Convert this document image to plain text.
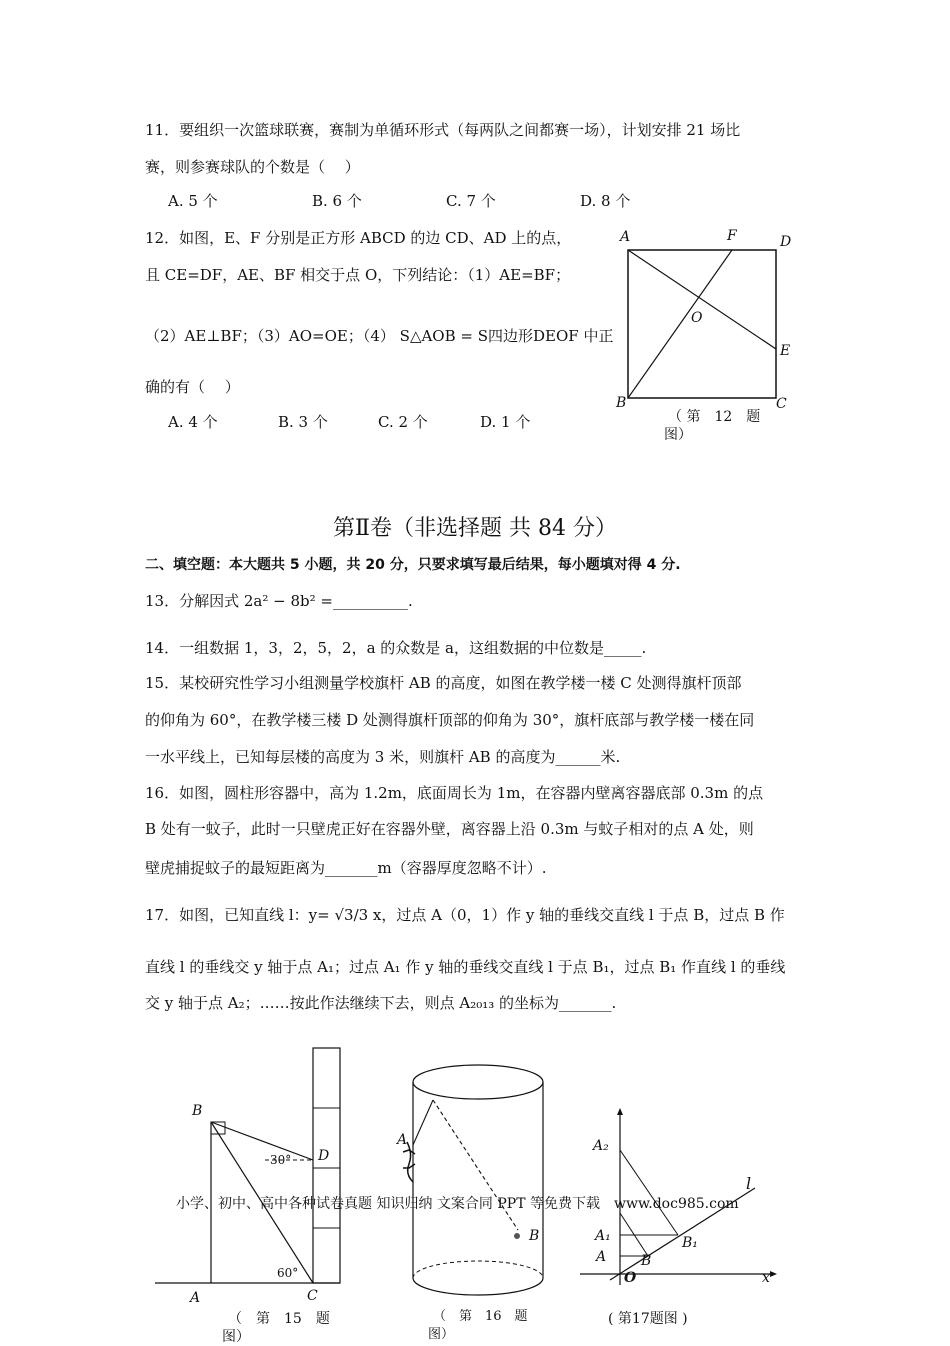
11．要组织一次篮球联赛，赛制为单循环形式（每两队之间都赛一场），计划安排 21 场比
赛，则参赛球队的个数是（　 ）
A. 5 个	B. 6 个	C. 7 个	D. 8 个
12．如图，E、F 分别是正方形 ABCD 的边 CD、AD 上的点，
且 CE=DF，AE、BF 相交于点 O，下列结论：（1）AE=BF；
（2）AE⊥BF；（3）AO=OE；（4） S△AOB = S四边形DEOF 中正
确的有（　 ）
A. 4 个	B. 3 个	C. 2 个	D. 1 个
A	F	D
O
E
B	C
（ 第　12　题
图）
第Ⅱ卷（非选择题 共 84 分）
二、填空题：本大题共 5 小题，共 20 分，只要求填写最后结果，每小题填对得 4 分.
13．分解因式 2a² − 8b² =__________.
14．一组数据 1，3，2，5，2，a 的众数是 a，这组数据的中位数是_____.
15．某校研究性学习小组测量学校旗杆 AB 的高度，如图在教学楼一楼 C 处测得旗杆顶部
的仰角为 60°，在教学楼三楼 D 处测得旗杆顶部的仰角为 30°，旗杆底部与教学楼一楼在同
一水平线上，已知每层楼的高度为 3 米，则旗杆 AB 的高度为______米.
16．如图，圆柱形容器中，高为 1.2m，底面周长为 1m，在容器内壁离容器底部 0.3m 的点
B 处有一蚊子，此时一只壁虎正好在容器外壁，离容器上沿 0.3m 与蚊子相对的点 A 处，则
壁虎捕捉蚊子的最短距离为_______m（容器厚度忽略不计）.
17．如图，已知直线 l：y= √3/3 x，过点 A（0，1）作 y 轴的垂线交直线 l 于点 B，过点 B 作
直线 l 的垂线交 y 轴于点 A₁；过点 A₁ 作 y 轴的垂线交直线 l 于点 B₁，过点 B₁ 作直线 l 的垂线
交 y 轴于点 A₂；……按此作法继续下去，则点 A₂₀₁₃ 的坐标为_______.
B
D
30°
60°
A	C
（　第　15　题
图）
A
B
（　第　16　题
图）
A₂
A₁
A B
B₁
O
l
x
( 第17题图 )
小学、初中、高中各种试卷真题 知识归纳 文案合同 PPT 等免费下载　www.doc985.com
